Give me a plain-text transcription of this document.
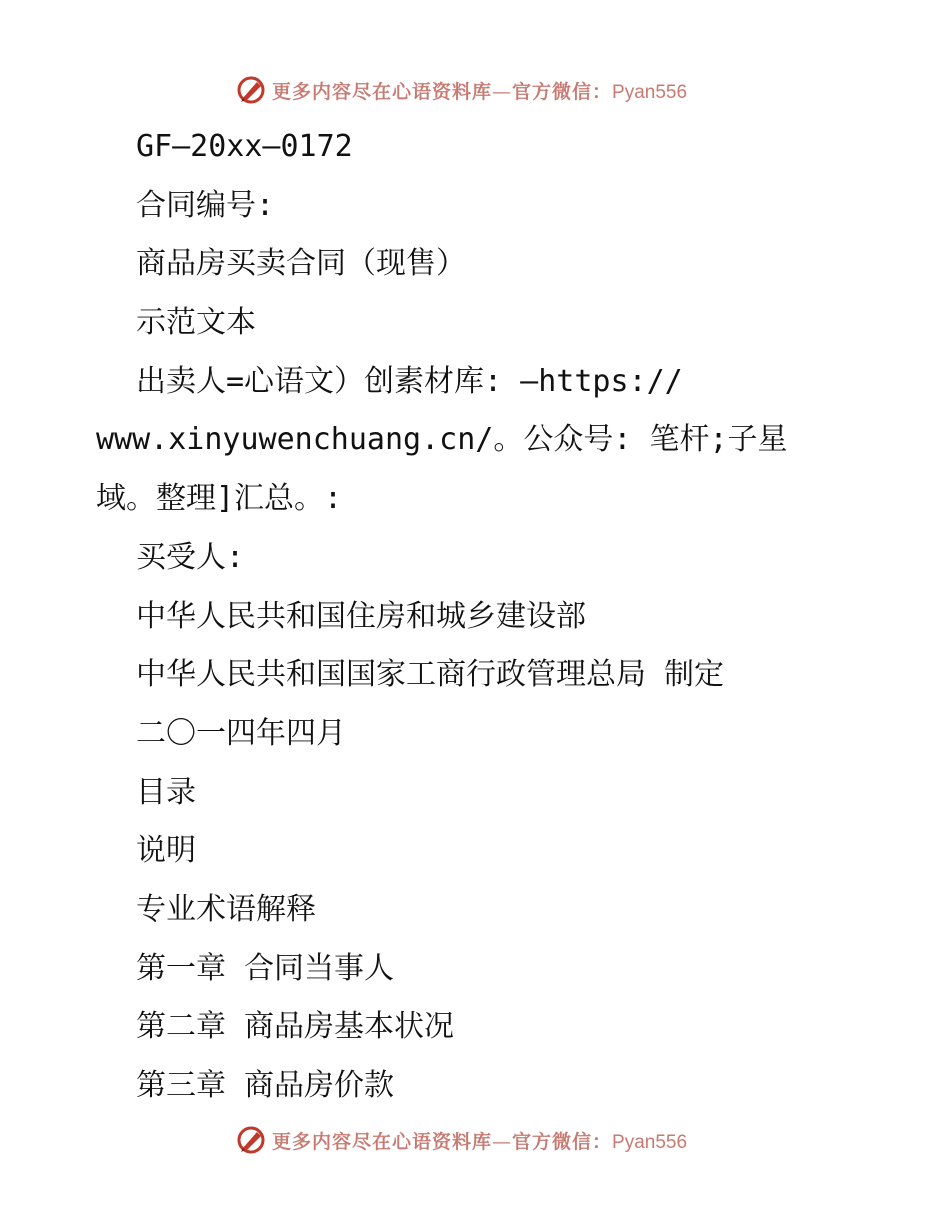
更多内容尽在心语资料库—官方微信：Pyan556
GF—20xx—0172
合同编号:
商品房买卖合同（现售）
示范文本
出卖人=心语文）创素材库: —https://
www.xinyuwenchuang.cn/。公众号: 笔杆;子星
域。整理]汇总。:
买受人:
中华人民共和国住房和城乡建设部
中华人民共和国国家工商行政管理总局 制定
二〇一四年四月
目录
说明
专业术语解释
第一章 合同当事人
第二章 商品房基本状况
第三章 商品房价款
更多内容尽在心语资料库—官方微信：Pyan556
